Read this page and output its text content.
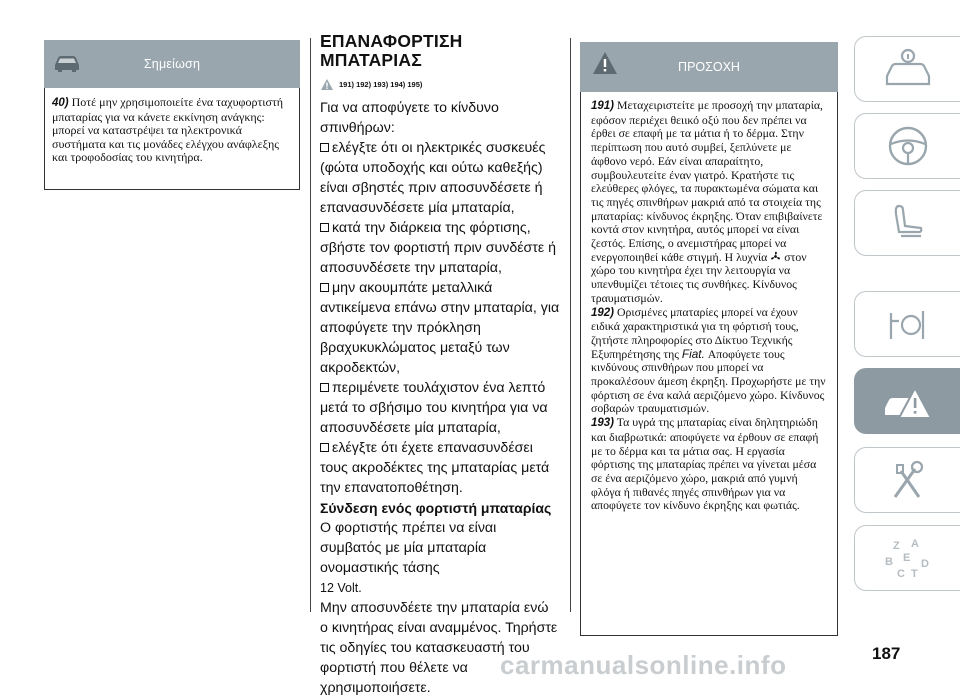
Σημείωση

40) Ποτέ μην χρησιμοποιείτε ένα ταχυφορτιστή μπαταρίας για να κάνετε εκκίνηση ανάγκης: μπορεί να καταστρέψει τα ηλεκτρονικά συστήματα και τις μονάδες ελέγχου ανάφλεξης και τροφοδοσίας του κινητήρα.

ΕΠΑΝΑΦΟΡΤΙΣΗ
ΜΠΑΤΑΡΙΑΣ
191) 192) 193) 194) 195)

Για να αποφύγετε το κίνδυνο σπινθήρων:

ελέγξτε ότι οι ηλεκτρικές συσκευές (φώτα υποδοχής και ούτω καθεξής) είναι σβηστές πριν αποσυνδέσετε ή επανασυνδέσετε μία μπαταρία,

κατά την διάρκεια της φόρτισης, σβήστε τον φορτιστή πριν συνδέστε ή αποσυνδέσετε την μπαταρία,

μην ακουμπάτε μεταλλικά αντικείμενα επάνω στην μπαταρία, για αποφύγετε την πρόκληση βραχυκυκλώματος μεταξύ των ακροδεκτών,

περιμένετε τουλάχιστον ένα λεπτό μετά το σβήσιμο του κινητήρα για να αποσυνδέσετε μία μπαταρία,

ελέγξτε ότι έχετε επανασυνδέσει τους ακροδέκτες της μπαταρίας μετά την επανατοποθέτηση.

Σύνδεση ενός φορτιστή μπαταρίας

Ο φορτιστής πρέπει να είναι συμβατός με μία μπαταρία ονομαστικής τάσης
12 Volt.

Μην αποσυνδέετε την μπαταρία ενώ ο κινητήρας είναι αναμμένος. Τηρήστε τις οδηγίες του κατασκευαστή του φορτιστή που θέλετε να χρησιμοποιήσετε.

ΠΡΟΣΟΧΗ

191) Μεταχειριστείτε με προσοχή την μπαταρία, εφόσον περιέχει θειικό οξύ που δεν πρέπει να έρθει σε επαφή με τα μάτια ή το δέρμα. Στην περίπτωση που αυτό συμβεί, ξεπλύνετε με άφθονο νερό. Εάν είναι απαραίτητο, συμβουλευτείτε έναν γιατρό. Κρατήστε τις ελεύθερες φλόγες, τα πυρακτωμένα σώματα και τις πηγές σπινθήρων μακριά από τα στοιχεία της μπαταρίας: κίνδυνος έκρηξης. Όταν επιβιβαίνετε κοντά στον κινητήρα, αυτός μπορεί να είναι ζεστός. Επίσης, ο ανεμιστήρας μπορεί να ενεργοποιηθεί κάθε στιγμή. Η λυχνία στον χώρο του κινητήρα έχει την λειτουργία να υπενθυμίζει τέτοιες τις συνθήκες. Κίνδυνος τραυματισμών.

192) Ορισμένες μπαταρίες μπορεί να έχουν ειδικά χαρακτηριστικά για τη φόρτισή τους, ζητήστε πληροφορίες στο Δίκτυο Τεχνικής Εξυπηρέτησης της Fiat. Αποφύγετε τους κινδύνους σπινθήρων που μπορεί να προκαλέσουν άμεση έκρηξη. Προχωρήστε με την φόρτιση σε ένα καλά αεριζόμενο χώρο. Κίνδυνος σοβαρών τραυματισμών.

193) Τα υγρά της μπαταρίας είναι δηλητηριώδη και διαβρωτικά: αποφύγετε να έρθουν σε επαφή με το δέρμα και τα μάτια σας. Η εργασία φόρτισης της μπαταρίας πρέπει να γίνεται μέσα σε ένα αεριζόμενο χώρο, μακριά από γυμνή φλόγα ή πιθανές πηγές σπινθήρων για να αποφύγετε τον κίνδυνο έκρηξης και φωτιάς.

Z A
B E D
C T
187
carmanualsonline.info
